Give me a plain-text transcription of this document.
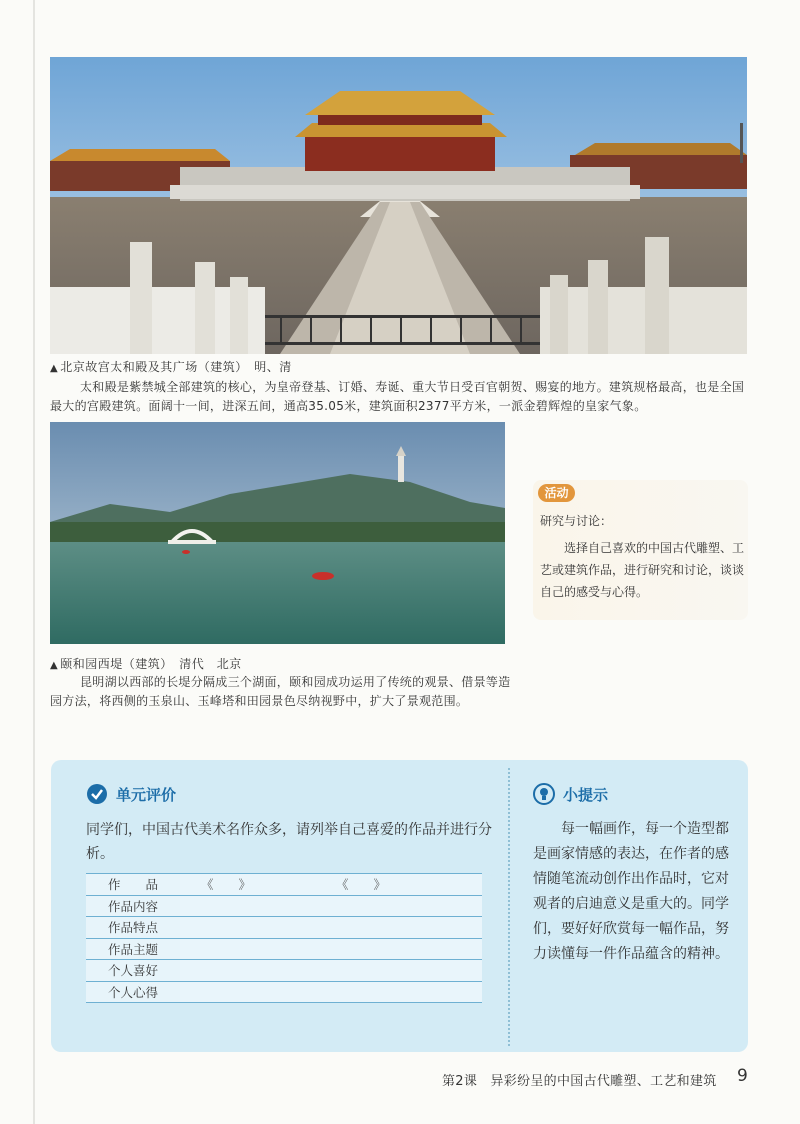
▲ 北京故宫太和殿及其广场（建筑）　明、清
太和殿是紫禁城全部建筑的核心，为皇帝登基、订婚、寿诞、重大节日受百官朝贺、赐宴的地方。建筑规格最高，也是全国最大的宫殿建筑。面阔十一间，进深五间，通高35.05米，建筑面积2377平方米，一派金碧辉煌的皇家气象。
▲ 颐和园西堤（建筑）　清代　北京
昆明湖以西部的长堤分隔成三个湖面，颐和园成功运用了传统的观景、借景等造园方法，将西侧的玉泉山、玉峰塔和田园景色尽纳视野中，扩大了景观范围。
活动
研究与讨论：
选择自己喜欢的中国古代雕塑、工艺或建筑作品，进行研究和讨论，谈谈自己的感受与心得。
单元评价
同学们，中国古代美术名作众多，请列举自己喜爱的作品并进行分析。
作　　品	《　　》 《　　》
作品内容	
作品特点	
作品主题	
个人喜好	
个人心得	
小提示
每一幅画作，每一个造型都是画家情感的表达，在作者的感情随笔流动创作出作品时，它对观者的启迪意义是重大的。同学们，要好好欣赏每一幅作品，努力读懂每一件作品蕴含的精神。
第2课　异彩纷呈的中国古代雕塑、工艺和建筑 9
